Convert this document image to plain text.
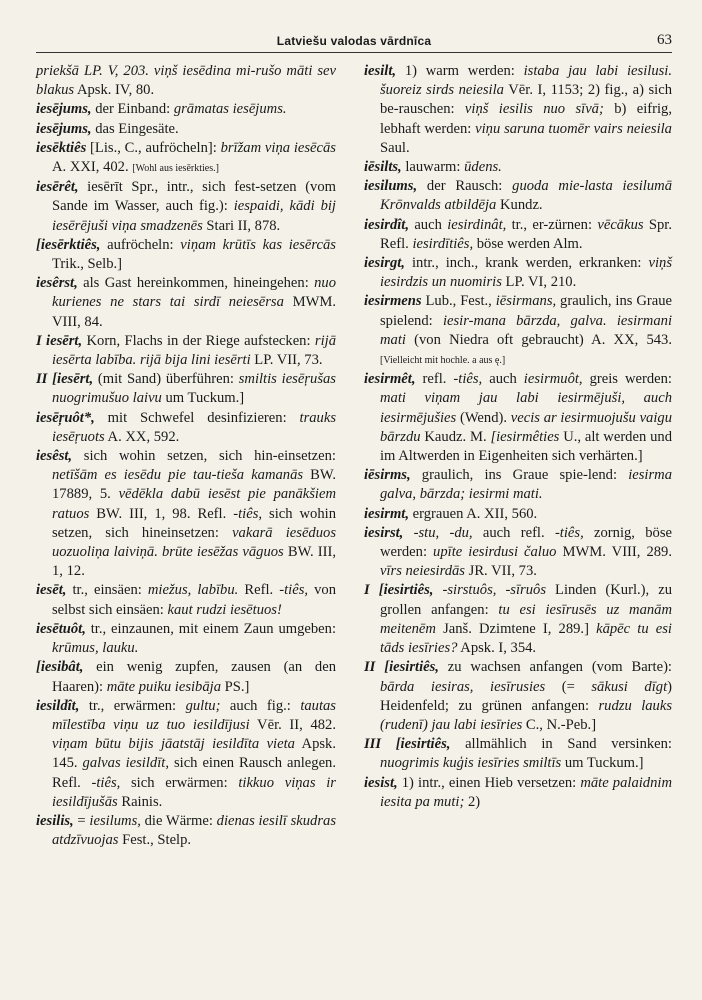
Latviešu valodas vārdnīca	63

priekšā LP. V, 203. viņš iesēdina mi-rušo māti sev blakus Apsk. IV, 80.

iesējums, der Einband: grāmatas iesējums.

iesējums, das Eingesäte.

iesēktiês [Lis., C., aufröcheln]: brīžam viņa iesēcās A. XXI, 402. [Wohl aus iesērkties.]

iesērêt, iesērīt Spr., intr., sich fest-setzen (vom Sande im Wasser, auch fig.): iespaidi, kādi bij iesērējuši viņa smadzenēs Stari II, 878.

[iesērktiês, aufröcheln: viņam krūtīs kas iesērcās Trik., Selb.]

iesêrst, als Gast hereinkommen, hineingehen: nuo kurienes ne stars tai sirdī neiesērsa MWM. VIII, 84.

I iesērt, Korn, Flachs in der Riege aufstecken: rijā iesērta labība. rijā bija lini iesērti LP. VII, 73.

II [iesērt, (mit Sand) überführen: smiltis iesēŗušas nuogrimušuo laivu um Tuckum.]

iesēŗuôt*, mit Schwefel desinfizieren: trauks iesēŗuots A. XX, 592.

iesêst, sich wohin setzen, sich hin-einsetzen: netīšām es iesēdu pie tau-tieša kamanās BW. 17889, 5. vēdēkla dabū iesēst pie panākšiem ratuos BW. III, 1, 98. Refl. -tiês, sich wohin setzen, sich hineinsetzen: vakarā iesēduos uozuoliņa laiviņā. brūte iesēžas vāguos BW. III, 1, 12.

iesēt, tr., einsäen: miežus, labību. Refl. -tiês, von selbst sich einsäen: kaut rudzi iesētuos!

iesētuôt, tr., einzaunen, mit einem Zaun umgeben: krūmus, lauku.

[iesibât, ein wenig zupfen, zausen (an den Haaren): māte puiku iesibāja PS.]

iesildît, tr., erwärmen: gultu; auch fig.: tautas mīlestība viņu uz tuo iesildījusi Vēr. II, 482. viņam būtu bijis jāatstāj iesildīta vieta Apsk. 145. galvas iesildīt, sich einen Rausch anlegen. Refl. -tiês, sich erwärmen: tikkuo viņas ir iesildījušās Rainis.

iesilis, = iesilums, die Wärme: dienas iesilī skudras atdzīvuojas Fest., Stelp.

iesilt, 1) warm werden: istaba jau labi iesilusi. šuoreiz sirds neiesila Vēr. I, 1153; 2) fig., a) sich be-rauschen: viņš iesilis nuo sīvā; b) eifrig, lebhaft werden: viņu saruna tuomēr vairs neiesila Saul.

iēsilts, lauwarm: ūdens.

iesilums, der Rausch: guoda mie-lasta iesilumā Krōnvalds atbildēja Kundz.

iesirdît, auch iesirdinât, tr., er-zürnen: vēcākus Spr. Refl. iesirdītiês, böse werden Alm.

iesirgt, intr., inch., krank werden, erkranken: viņš iesirdzis un nuomiris LP. VI, 210.

iesirmens Lub., Fest., iēsirmans, graulich, ins Graue spielend: iesir-mana bārzda, galva. iesirmani mati (von Niedra oft gebraucht) A. XX, 543. [Vielleicht mit hochle. a aus ę.]

iesirmêt, refl. -tiês, auch iesirmuôt, greis werden: mati viņam jau labi iesirmējuši, auch iesirmējušies (Wend). vecis ar iesirmuojušu vaigu bārzdu Kaudz. M. [iesirmêties U., alt werden und im Altwerden in Eigenheiten sich verhärten.]

iēsirms, graulich, ins Graue spie-lend: iesirma galva, bārzda; iesirmi mati.

iesirmt, ergrauen A. XII, 560.

iesirst, -stu, -du, auch refl. -tiês, zornig, böse werden: upīte iesirdusi čaluo MWM. VIII, 289. vīrs neiesirdās JR. VII, 73.

I [iesirtiês, -sirstuôs, -sīruôs Linden (Kurl.), zu grollen anfangen: tu esi iesīrusēs uz manām meitenēm Janš. Dzimtene I, 289.] kāpēc tu esi tāds iesīries? Apsk. I, 354.

II [iesirtiês, zu wachsen anfangen (vom Barte): bārda iesiras, iesīrusies (= sākusi dīgt) Heidenfeld; zu grünen anfangen: rudzu lauks (rudenī) jau labi iesīries C., N.-Peb.]

III [iesirtiês, allmählich in Sand versinken: nuogrimis kuģis iesīries smiltīs um Tuckum.]

iesist, 1) intr., einen Hieb versetzen: māte palaidnim iesita pa muti; 2)
